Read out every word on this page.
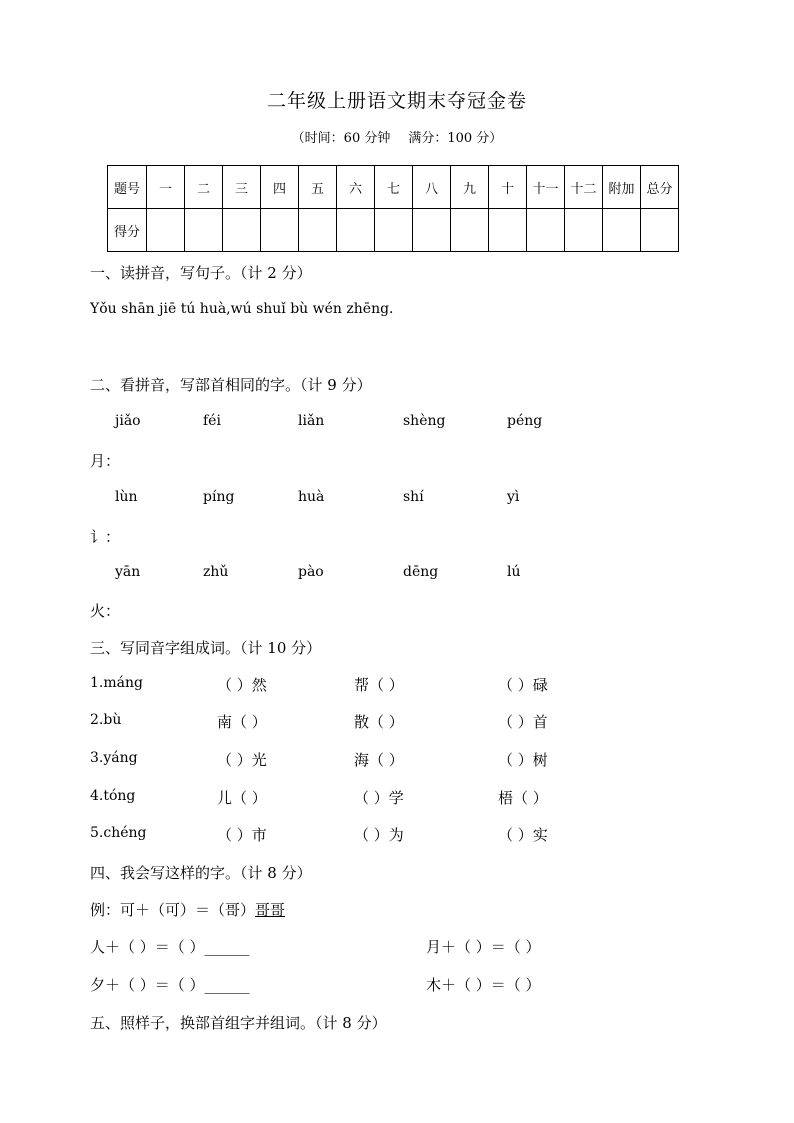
二年级上册语文期末夺冠金卷
（时间：60 分钟 满分：100 分）
题号	一	二	三	四	五	六	七	八	九	十	十一	十二	附加	总分
得分														
一、读拼音，写句子。（计 2 分）
Yǒu shān jiē tú huà,wú shuǐ bù wén zhēng.
二、看拼音，写部首相同的字。（计 9 分）
jiǎo	féi	liǎn	shèng	péng
月：
lùn	píng	huà	shí	yì
讠：
yān	zhǔ	pào	dēng	lú
火：
三、写同音字组成词。（计 10 分）
1.máng	（ ）然	帮（ ）	（ ）碌
2.bù	南（ ）	散（ ）	（ ）首
3.yáng	（ ）光	海（ ）	（ ）树
4.tóng	儿（ ）	（ ）学	梧（ ）
5.chéng	（ ）市	（ ）为	（ ）实
四、我会写这样的字。（计 8 分）
例：可＋（可）＝（哥）哥哥
人＋（ ）＝（ ）______	月＋（ ）＝（ ）
夕＋（ ）＝（ ）______	木＋（ ）＝（ ）
五、照样子，换部首组字并组词。（计 8 分）
